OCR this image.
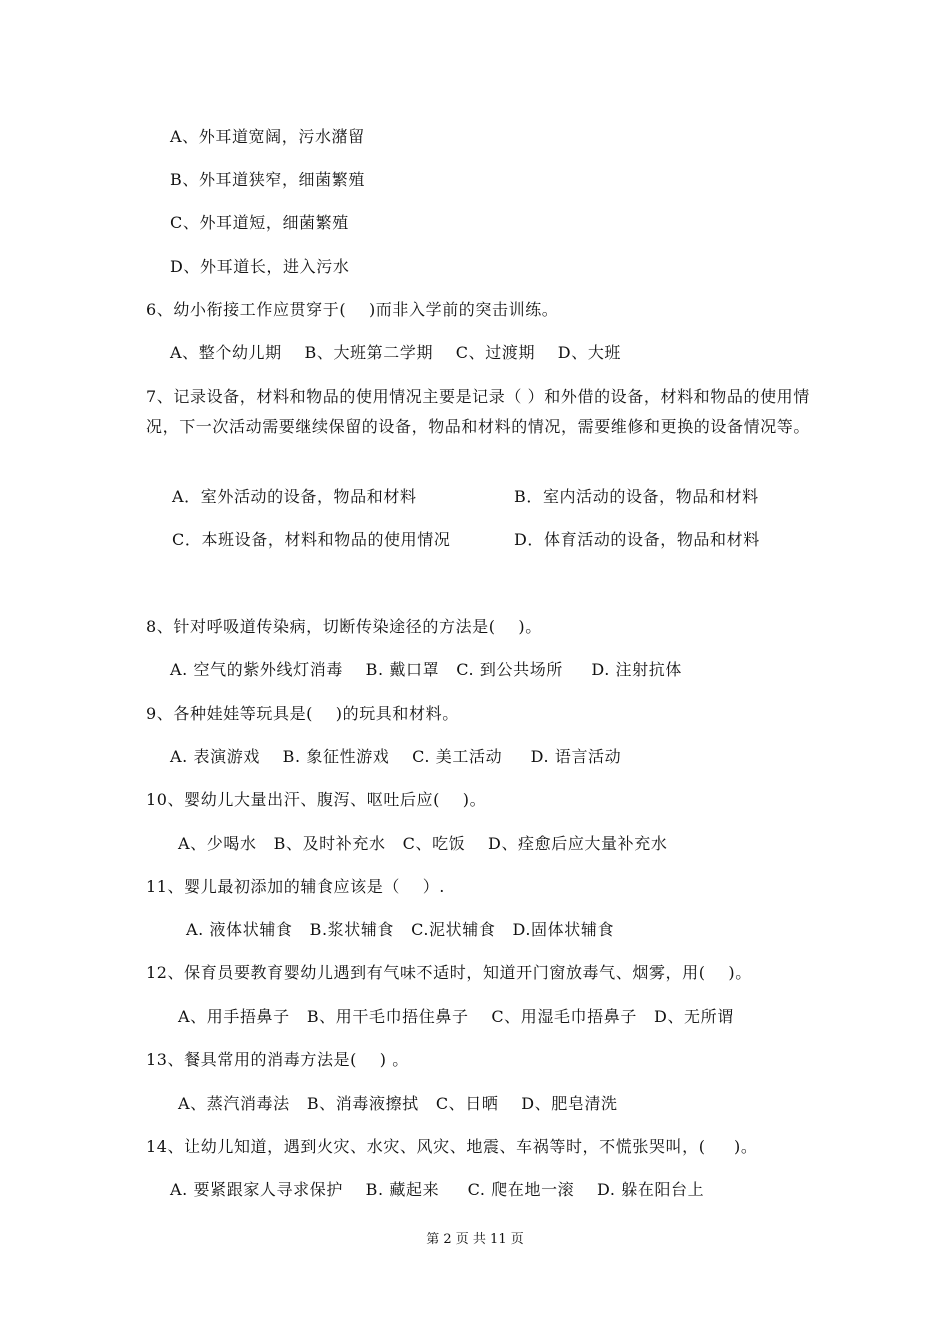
A、外耳道宽阔，污水潴留
B、外耳道狭窄，细菌繁殖
C、外耳道短，细菌繁殖
D、外耳道长，进入污水
6、幼小衔接工作应贯穿于(    )而非入学前的突击训练。
A、整个幼儿期    B、大班第二学期    C、过渡期    D、大班
7、记录设备，材料和物品的使用情况主要是记录（ ）和外借的设备，材料和物品的使用情况，下一次活动需要继续保留的设备，物品和材料的情况，需要维修和更换的设备情况等。
A．室外活动的设备，物品和材料	B．室内活动的设备，物品和材料
C．本班设备，材料和物品的使用情况	D．体育活动的设备，物品和材料
8、针对呼吸道传染病，切断传染途径的方法是(    )。
A. 空气的紫外线灯消毒    B. 戴口罩   C. 到公共场所     D. 注射抗体
9、各种娃娃等玩具是(    )的玩具和材料。
A. 表演游戏    B. 象征性游戏    C. 美工活动     D. 语言活动
10、婴幼儿大量出汗、腹泻、呕吐后应(    )。
A、少喝水   B、及时补充水   C、吃饭    D、痊愈后应大量补充水
11、婴儿最初添加的辅食应该是（    ）.
A. 液体状辅食   B.浆状辅食   C.泥状辅食   D.固体状辅食
12、保育员要教育婴幼儿遇到有气味不适时，知道开门窗放毒气、烟雾，用(    )。
A、用手捂鼻子   B、用干毛巾捂住鼻子    C、用湿毛巾捂鼻子   D、无所谓
13、餐具常用的消毒方法是(    ) 。
A、蒸汽消毒法   B、消毒液擦拭   C、日晒    D、肥皂清洗
14、让幼儿知道，遇到火灾、水灾、风灾、地震、车祸等时，不慌张哭叫，(     )。
A. 要紧跟家人寻求保护    B. 藏起来     C. 爬在地一滚    D. 躲在阳台上
第 2 页 共 11 页
